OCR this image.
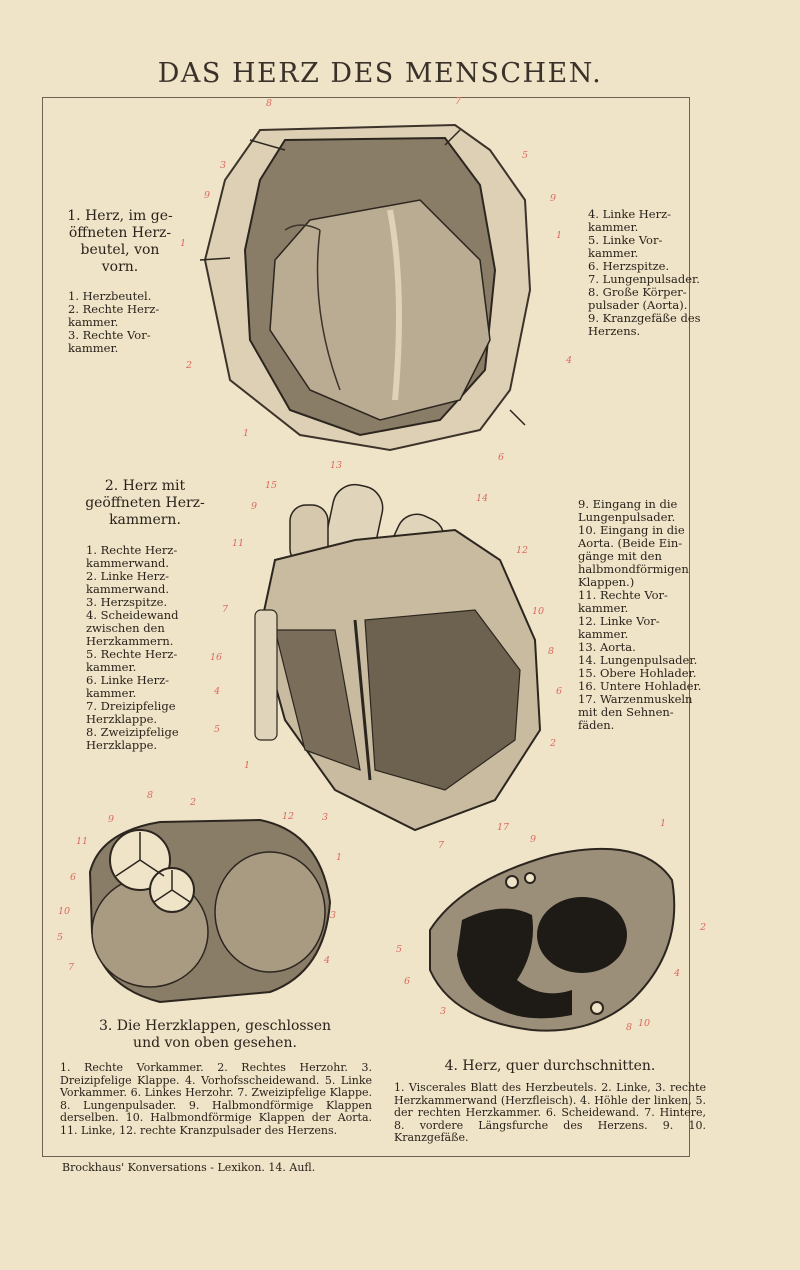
DAS HERZ DES MENSCHEN.
8	7
3
5
9	9
1
1
2	4
1
6
1. Herz, im ge-
öffneten Herz-
beutel, von
vorn.
1. Herzbeutel.
2. Rechte Herz-
kammer.
3. Rechte Vor-
kammer.
4. Linke Herz-
kammer.
5. Linke Vor-
kammer.
6. Herzspitze.
7. Lungenpulsader.
8. Große Körper-
pulsader (Aorta).
9. Kranzgefäße des
Herzens.
13
15
14
9
11
12
7	10
8
16
6
4
5
2
1
3
17
2. Herz mit
geöffneten Herz-
kammern.
1. Rechte Herz-
kammerwand.
2. Linke Herz-
kammerwand.
3. Herzspitze.
4. Scheidewand
zwischen den
Herzkammern.
5. Rechte Herz-
kammer.
6. Linke Herz-
kammer.
7. Dreizipfelige
Herzklappe.
8. Zweizipfelige
Herzklappe.
9. Eingang in die
Lungenpulsader.
10. Eingang in die
Aorta. (Beide Ein-
gänge mit den
halbmondförmigen
Klappen.)
11. Rechte Vor-
kammer.
12. Linke Vor-
kammer.
13. Aorta.
14. Lungenpulsader.
15. Obere Hohlader.
16. Untere Hohlader.
17. Warzenmuskeln
mit den Sehnen-
fäden.
8
2
9	12
11
1
6
3
10
5
7
4
3. Die Herzklappen, geschlossen
und von oben gesehen.
1. Rechte Vorkammer. 2. Rechtes Herzohr. 3. Dreizipfelige Klappe. 4. Vorhofsscheidewand. 5. Linke Vorkammer. 6. Linkes Herzohr. 7. Zweizipfelige Klappe. 8. Lungenpulsader. 9. Halbmondförmige Klappen derselben. 10. Halbmondförmige Klappen der Aorta. 11. Linke, 12. rechte Kranzpulsader des Herzens.
1
7
9
2
5
6
4
3
8 10
4. Herz, quer durchschnitten.
1. Viscerales Blatt des Herzbeutels. 2. Linke, 3. rechte Herzkammerwand (Herzfleisch). 4. Höhle der linken, 5. der rechten Herzkammer. 6. Scheidewand. 7. Hintere, 8. vordere Längsfurche des Herzens. 9. 10. Kranzgefäße.
Brockhaus' Konversations - Lexikon. 14. Aufl.
